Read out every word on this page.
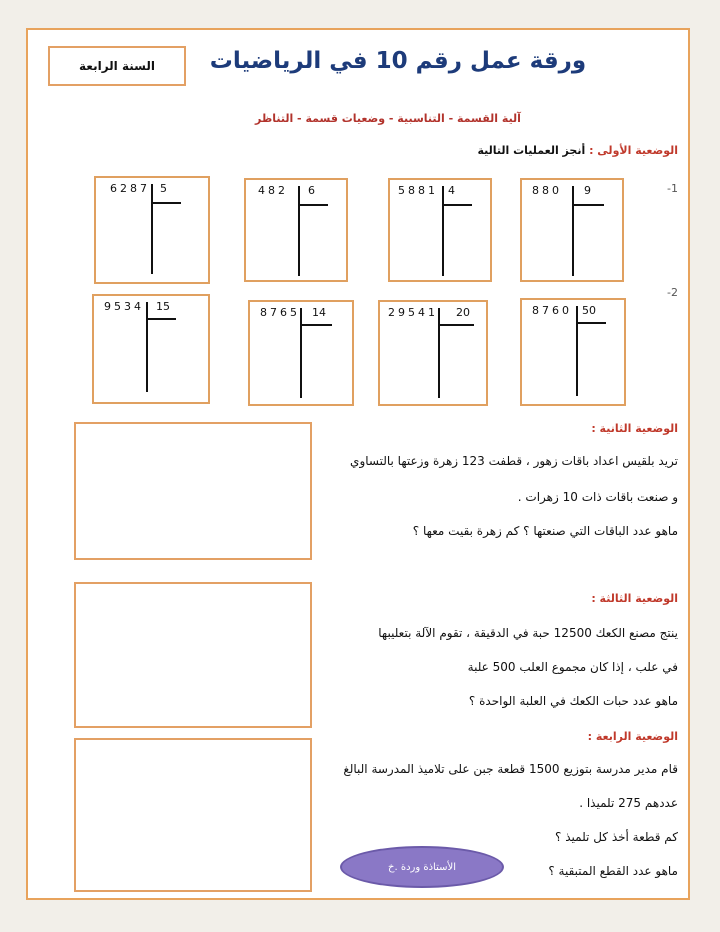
السنة الرابعة ورقة عمل رقم 10 في الرياضيات
آلية القسمة - التناسبية - وضعيات قسمة - التناظر
الوضعية الأولى : أنجز العمليات التالية
-1
-2
6287 5	482 6	5881 4	880 9
9534 15	8765 14	29541 20	8760 50
الوضعية الثانية :
تريد بلقيس اعداد باقات زهور ، قطفت 123 زهرة وزعتها بالتساوي
و صنعت باقات ذات 10 زهرات .
ماهو عدد الباقات التي صنعتها ؟ كم زهرة بقيت معها ؟
الوضعية الثالثة :
ينتج مصنع الكعك 12500 حبة في الدقيقة ، تقوم الآلة بتعليبها
في علب ، إذا كان مجموع العلب 500 علبة
ماهو عدد حبات الكعك في العلبة الواحدة ؟
الوضعية الرابعة :
قام مدير مدرسة بتوزيع 1500 قطعة جبن على تلاميذ المدرسة البالغ
عددهم 275 تلميذا .
كم قطعة أخذ كل تلميذ ؟
ماهو عدد القطع المتبقية ؟
الأستاذة وردة .خ
